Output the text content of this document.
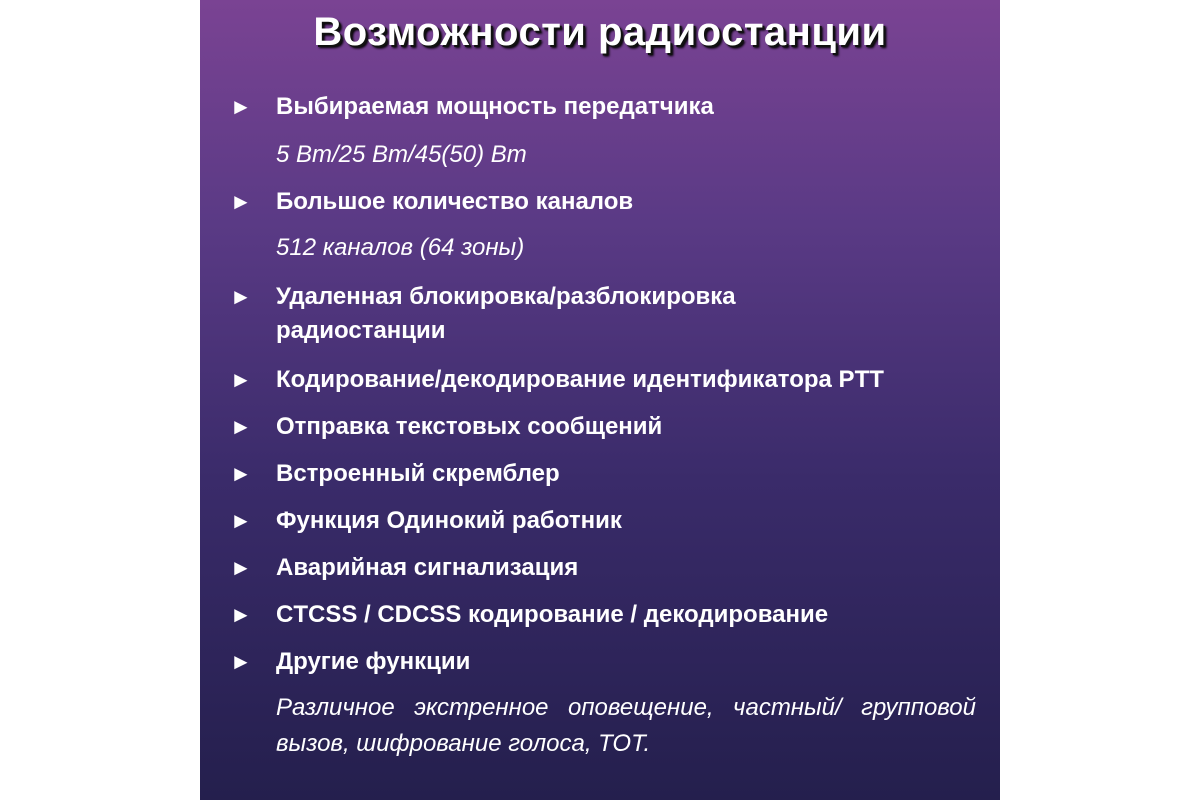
Возможности радиостанции
►	Выбираемая мощность передатчика
5 Вт/25 Вт/45(50) Вт
►	Большое количество каналов
512 каналов (64 зоны)
►	Удаленная блокировка/разблокировка радиостанции
►	Кодирование/декодирование идентификатора PTT
►	Отправка текстовых сообщений
►	Встроенный скремблер
►	Функция Одинокий работник
►	Аварийная сигнализация
►	CTCSS / CDCSS кодирование / декодирование
►	Другие функции
Различное экстренное оповещение, частный/ групповой вызов, шифрование голоса, TOT.
